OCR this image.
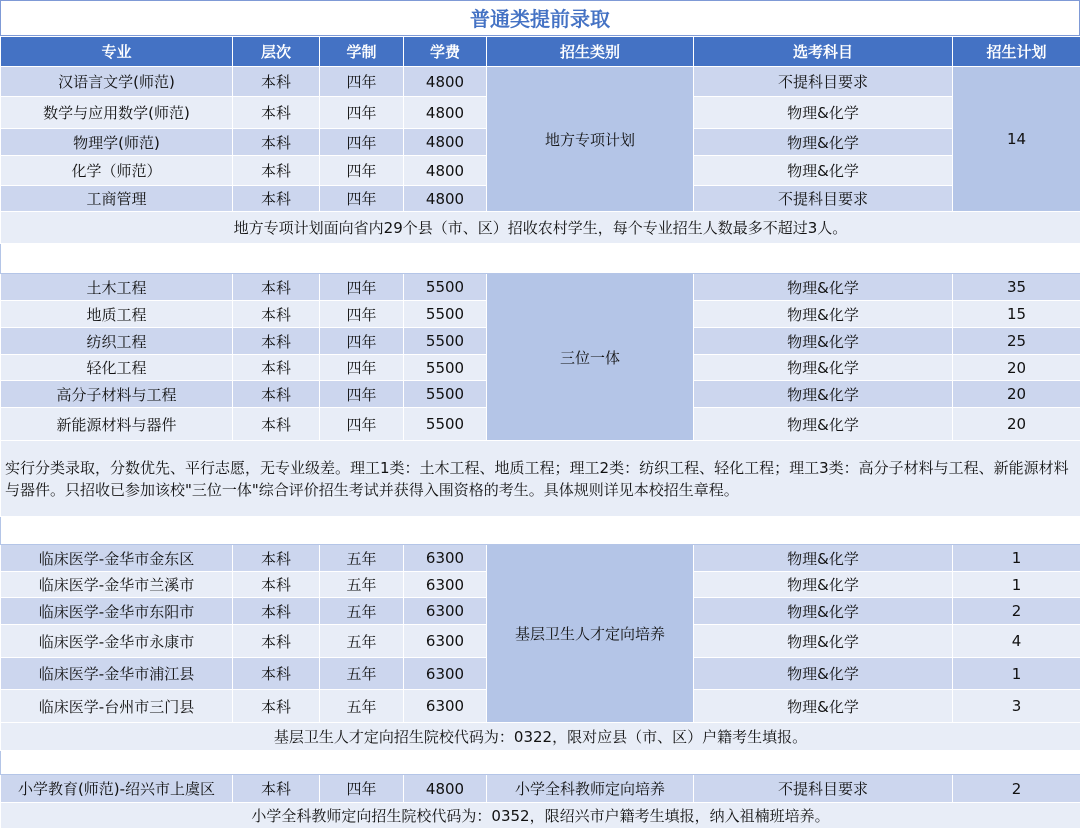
普通类提前录取
专业	层次	学制	学费	招生类别	选考科目	招生计划
汉语言文学(师范)	本科	四年	4800	地方专项计划	不提科目要求	14
数学与应用数学(师范)	本科	四年	4800		物理&化学	
物理学(师范)	本科	四年	4800		物理&化学	
化学（师范）	本科	四年	4800		物理&化学	
工商管理	本科	四年	4800		不提科目要求	
地方专项计划面向省内29个县（市、区）招收农村学生，每个专业招生人数最多不超过3人。						

土木工程	本科	四年	5500	三位一体	物理&化学	35
地质工程	本科	四年	5500		物理&化学	15
纺织工程	本科	四年	5500		物理&化学	25
轻化工程	本科	四年	5500		物理&化学	20
高分子材料与工程	本科	四年	5500		物理&化学	20
新能源材料与器件	本科	四年	5500		物理&化学	20
实行分类录取，分数优先、平行志愿，无专业级差。理工1类：土木工程、地质工程；理工2类：纺织工程、轻化工程；理工3类：高分子材料与工程、新能源材料与器件。只招收已参加该校"三位一体"综合评价招生考试并获得入围资格的考生。具体规则详见本校招生章程。						

临床医学-金华市金东区	本科	五年	6300	基层卫生人才定向培养	物理&化学	1
临床医学-金华市兰溪市	本科	五年	6300		物理&化学	1
临床医学-金华市东阳市	本科	五年	6300		物理&化学	2
临床医学-金华市永康市	本科	五年	6300		物理&化学	4
临床医学-金华市浦江县	本科	五年	6300		物理&化学	1
临床医学-台州市三门县	本科	五年	6300		物理&化学	3
基层卫生人才定向招生院校代码为：0322，限对应县（市、区）户籍考生填报。						

小学教育(师范)-绍兴市上虞区	本科	四年	4800	小学全科教师定向培养	不提科目要求	2
小学全科教师定向招生院校代码为：0352，限绍兴市户籍考生填报，纳入祖楠班培养。						
